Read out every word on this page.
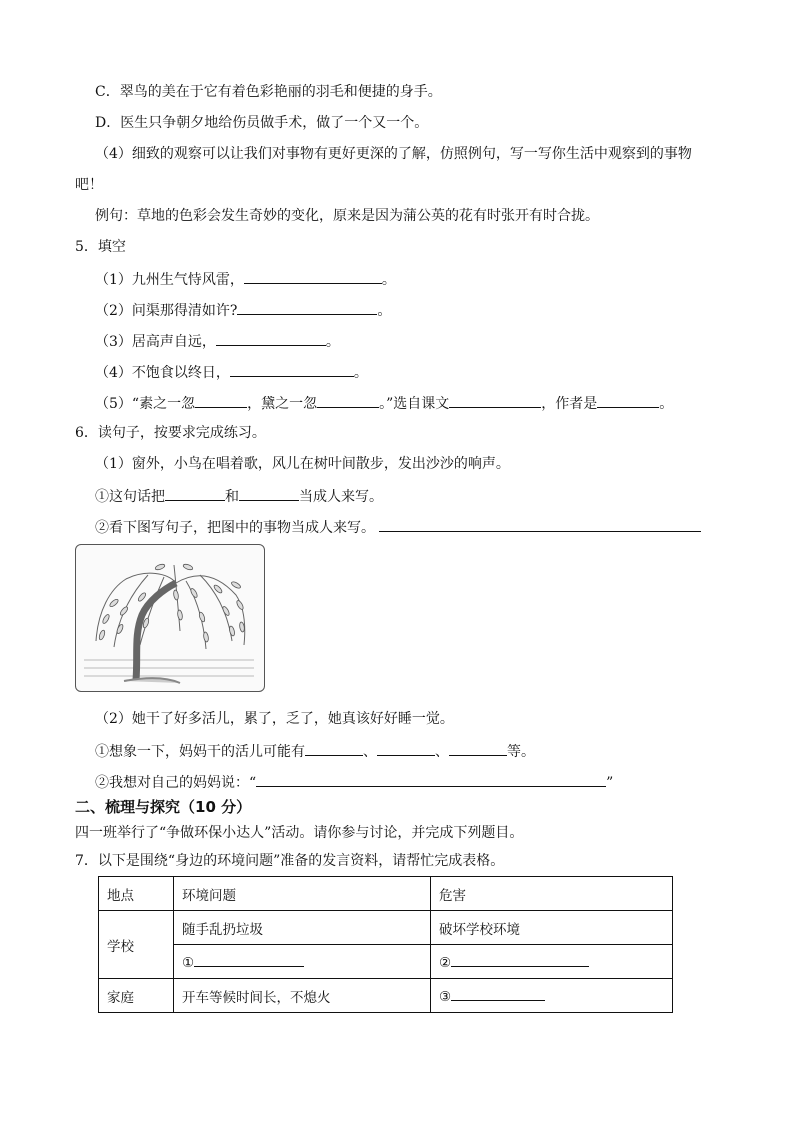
C．翠鸟的美在于它有着色彩艳丽的羽毛和便捷的身手。
D．医生只争朝夕地给伤员做手术，做了一个又一个。
（4）细致的观察可以让我们对事物有更好更深的了解，仿照例句，写一写你生活中观察到的事物
吧！
例句：草地的色彩会发生奇妙的变化，原来是因为蒲公英的花有时张开有时合拢。
5．填空
（1）九州生气恃风雷，	。
（2）问渠那得清如许?	。
（3）居高声自远，	。
（4）不饱食以终日，	。
（5）“素之一忽	，黛之一忽	。”选自课文	，作者是	。
6．读句子，按要求完成练习。
（1）窗外，小鸟在唱着歌，风儿在树叶间散步，发出沙沙的响声。
①这句话把	和	当成人来写。
②看下图写句子，把图中的事物当成人来写。
（2）她干了好多活儿，累了，乏了，她真该好好睡一觉。
①想象一下，妈妈干的活儿可能有	、	、	等。
②我想对自己的妈妈说：“	”
二、梳理与探究（10 分）
四一班举行了“争做环保小达人”活动。请你参与讨论，并完成下列题目。
7．以下是围绕“身边的环境问题”准备的发言资料，请帮忙完成表格。
地点	环境问题	危害
学校	随手乱扔垃圾	破坏学校环境
	①	②
家庭	开车等候时间长，不熄火	③
